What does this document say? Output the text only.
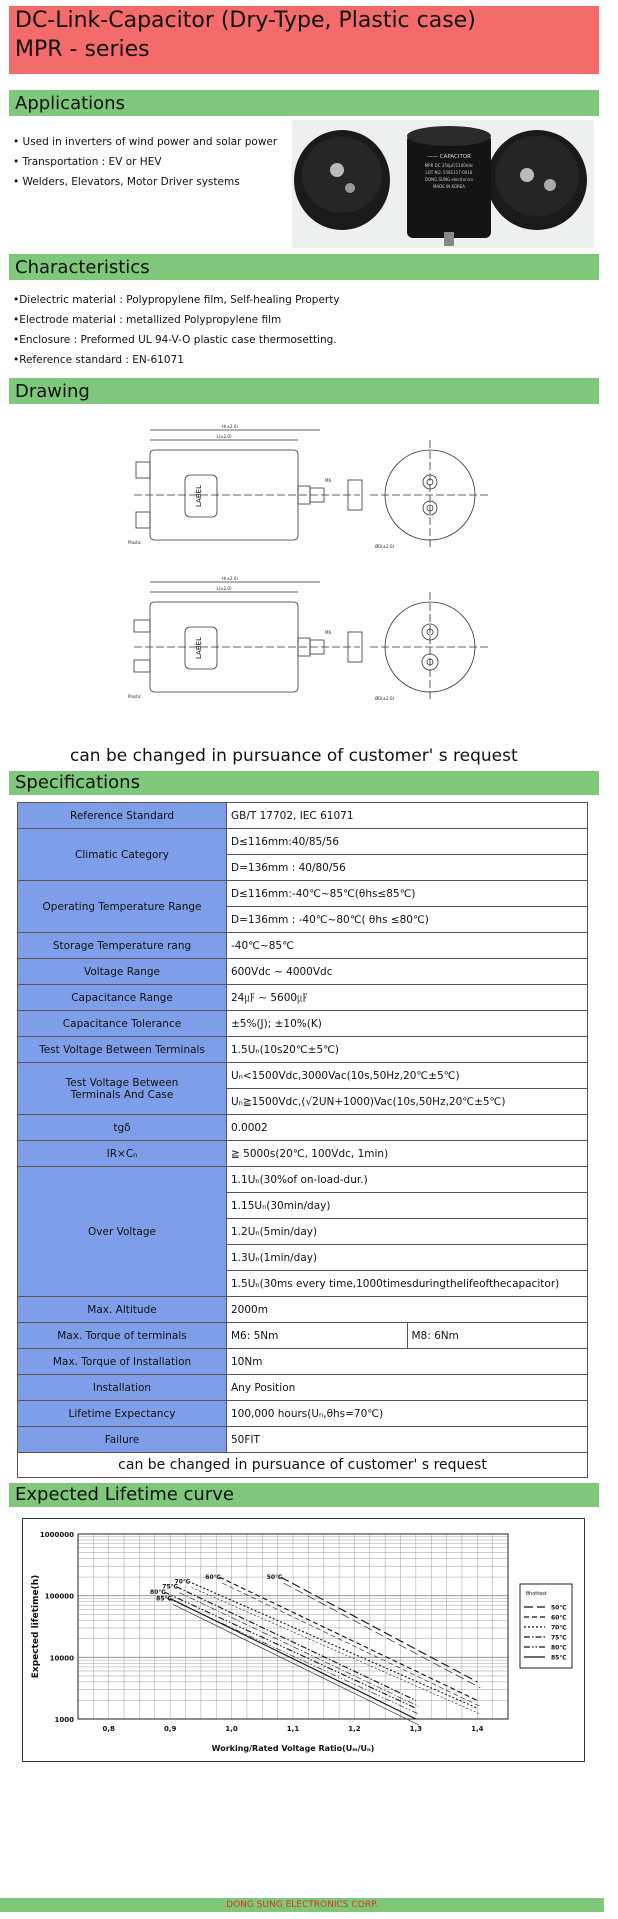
DC-Link-Capacitor (Dry-Type, Plastic case)
MPR - series
Applications
• Used in inverters of wind power and solar power
• Transportation : EV or HEV
• Welders, Elevators, Motor Driver systems
—— CAPACITOR
MPR DC 350μF/1100Vdc
LOT NO. 5581117-0018
DONG SUNG electronics
MADE IN KOREA
Characteristics
•Dielectric material : Polypropylene film, Self-healing Property
•Electrode material : metallized Polypropylene film
•Enclosure : Preformed UL 94-V-O plastic case thermosetting.
•Reference standard : EN-61071
Drawing
LABEL
LABEL
H(±2.0)
L(±2.0)
H(±2.0)
L(±2.0)
Plastic
Plastic
M6
M6
ØD(±2.0)
ØD(±2.0)
can be changed in pursuance of customer' s request
Specifications
Reference Standard	GB/T 17702, IEC 61071
Climatic Category	D≤116mm:40/85/56
D=136mm : 40/80/56
Operating Temperature Range	D≤116mm:-40℃~85℃(θhs≤85℃)
D=136mm : -40℃~80℃( θhs ≤80℃)
Storage Temperature rang	-40℃~85℃
Voltage Range	600Vdc ~ 4000Vdc
Capacitance Range	24㎌ ~ 5600㎌
Capacitance Tolerance	±5%(J); ±10%(K)
Test Voltage Between Terminals	1.5Uₙ(10s20℃±5℃)
Test Voltage Between
Terminals And Case	Uₙ<1500Vdc,3000Vac(10s,50Hz,20℃±5℃)
Uₙ≧1500Vdc,(√2UN+1000)Vac(10s,50Hz,20℃±5℃)
tgδ	0.0002
IR×Cₙ	≧ 5000s(20℃, 100Vdc, 1min)
Over Voltage	1.1Uₙ(30%of on-load-dur.)
1.15Uₙ(30min/day)
1.2Uₙ(5min/day)
1.3Uₙ(1min/day)
1.5Uₙ(30ms every time,1000timesduringthelifeofthecapacitor)
Max. Altitude	2000m
Max. Torque of terminals		M6: 5Nm	M8: 6Nm

Max. Torque of Installation	10Nm
Installation	Any Position
Lifetime Expectancy	100,000 hours(Uₙ,θhs=70℃)
Failure	50FIT
can be changed in pursuance of customer' s request
Expected Lifetime curve
1000
10000
100000
1000000
0,8	0,9	1,0	1,1	1,2	1,3	1,4
Working/Rated Voltage Ratio(Uₘ/Uₙ)
Expected lifetime(h)	50℃
60℃
70℃
75℃
80℃
85℃
θhottest
50℃
60℃
70℃
75℃
80℃
85℃
DONG SUNG ELECTRONICS CORP.
